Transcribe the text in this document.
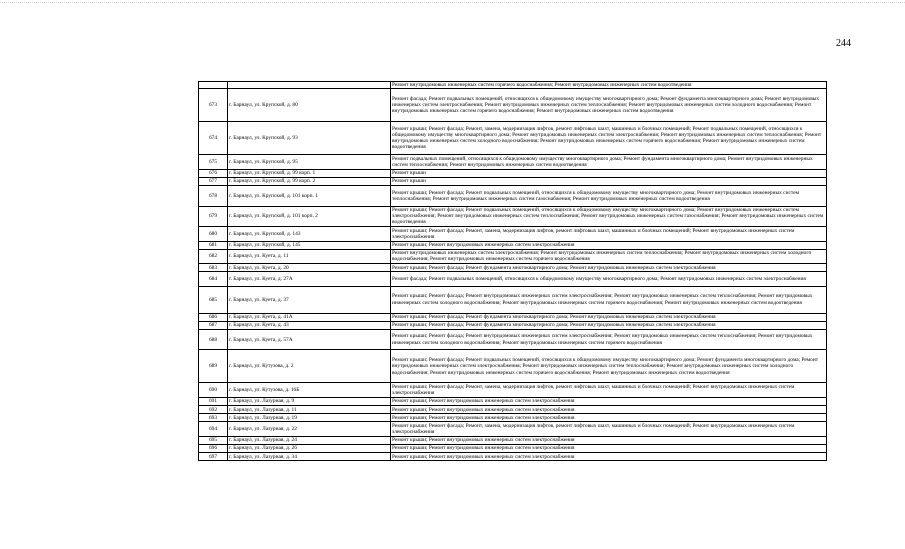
244
		Ремонт внутридомовых инженерных систем горячего водоснабжения; Ремонт внутридомовых инженерных систем водоотведения
673	г. Барнаул, ул. Крупской, д. 80	Ремонт фасада; Ремонт подвальных помещений, относящихся к общедомовому имуществу многоквартирного дома; Ремонт фундамента многоквартирного дома; Ремонт внутридомовых инженерных систем электроснабжения; Ремонт внутридомовых инженерных систем теплоснабжения; Ремонт внутридомовых инженерных систем холодного водоснабжения; Ремонт внутридомовых инженерных систем горячего водоснабжения; Ремонт внутридомовых инженерных систем водоотведения
674	г. Барнаул, ул. Крупской, д. 93	Ремонт крыши; Ремонт фасада; Ремонт, замена, модернизация лифтов, ремонт лифтовых шахт, машинных и блочных помещений; Ремонт подвальных помещений, относящихся к общедомовому имуществу многоквартирного дома; Ремонт внутридомовых инженерных систем электроснабжения; Ремонт внутридомовых инженерных систем теплоснабжения; Ремонт внутридомовых инженерных систем холодного водоснабжения; Ремонт внутридомовых инженерных систем горячего водоснабжения; Ремонт внутридомовых инженерных систем водоотведения
675	г. Барнаул, ул. Крупской, д. 95	Ремонт подвальных помещений, относящихся к общедомовому имуществу многоквартирного дома; Ремонт фундамента многоквартирного дома; Ремонт внутридомовых инженерных систем теплоснабжения; Ремонт внутридомовых инженерных систем водоотведения
676	г. Барнаул, ул. Крупской, д. 99 корп. 1	Ремонт крыши
677	г. Барнаул, ул. Крупской, д. 99 корп. 2	Ремонт крыши
678	г. Барнаул, ул. Крупской, д. 101 корп. 1	Ремонт крыши; Ремонт фасада; Ремонт подвальных помещений, относящихся к общедомовому имуществу многоквартирного дома; Ремонт внутридомовых инженерных систем теплоснабжения; Ремонт внутридомовых инженерных систем газоснабжения; Ремонт внутридомовых инженерных систем водоотведения
679	г. Барнаул, ул. Крупской, д. 101 корп. 2	Ремонт крыши; Ремонт фасада; Ремонт подвальных помещений, относящихся к общедомовому имуществу многоквартирного дома; Ремонт внутридомовых инженерных систем электроснабжения; Ремонт внутридомовых инженерных систем теплоснабжения; Ремонт внутридомовых инженерных систем газоснабжения; Ремонт внутридомовых инженерных систем водоотведения
680	г. Барнаул, ул. Крупской, д. 143	Ремонт крыши; Ремонт фасада; Ремонт, замена, модернизация лифтов, ремонт лифтовых шахт, машинных и блочных помещений; Ремонт внутридомовых инженерных систем электроснабжения
681	г. Барнаул, ул. Крупской, д. 145	Ремонт крыши; Ремонт внутридомовых инженерных систем электроснабжения
682	г. Барнаул, ул. Куета, д. 11	Ремонт внутридомовых инженерных систем электроснабжения; Ремонт внутридомовых инженерных систем теплоснабжения; Ремонт внутридомовых инженерных систем холодного водоснабжения; Ремонт внутридомовых инженерных систем горячего водоснабжения
683	г. Барнаул, ул. Куета, д. 20	Ремонт крыши; Ремонт фасада; Ремонт фундамента многоквартирного дома; Ремонт внутридомовых инженерных систем электроснабжения
684	г. Барнаул, ул. Куета, д. 27А	Ремонт фасада; Ремонт подвальных помещений, относящихся к общедомовому имуществу многоквартирного дома; Ремонт внутридомовых инженерных систем электроснабжения
685	г. Барнаул, ул. Куета, д. 37	Ремонт крыши; Ремонт фасада; Ремонт внутридомовых инженерных систем электроснабжения; Ремонт внутридомовых инженерных систем теплоснабжения; Ремонт внутридомовых инженерных систем холодного водоснабжения; Ремонт внутридомовых инженерных систем горячего водоснабжения; Ремонт внутридомовых инженерных систем водоотведения
686	г. Барнаул, ул. Куета, д. 41А	Ремонт крыши; Ремонт фасада; Ремонт фундамента многоквартирного дома; Ремонт внутридомовых инженерных систем электроснабжения
687	г. Барнаул, ул. Куета, д. 43	Ремонт крыши; Ремонт фасада; Ремонт фундамента многоквартирного дома; Ремонт внутридомовых инженерных систем электроснабжения
688	г. Барнаул, ул. Куета, д. 57А	Ремонт крыши; Ремонт фасада; Ремонт внутридомовых инженерных систем электроснабжения; Ремонт внутридомовых инженерных систем теплоснабжения; Ремонт внутридомовых инженерных систем холодного водоснабжения; Ремонт внутридомовых инженерных систем горячего водоснабжения
689	г. Барнаул, ул. Кутузова, д. 2	Ремонт крыши; Ремонт фасада; Ремонт подвальных помещений, относящихся к общедомовому имуществу многоквартирного дома; Ремонт фундамента многоквартирного дома; Ремонт внутридомовых инженерных систем электроснабжения; Ремонт внутридомовых инженерных систем теплоснабжения; Ремонт внутридомовых инженерных систем холодного водоснабжения; Ремонт внутридомовых инженерных систем горячего водоснабжения; Ремонт внутридомовых инженерных систем водоотведения
690	г. Барнаул, ул. Кутузова, д. 16Б	Ремонт крыши; Ремонт фасада; Ремонт, замена, модернизация лифтов, ремонт лифтовых шахт, машинных и блочных помещений; Ремонт внутридомовых инженерных систем электроснабжения
691	г. Барнаул, ул. Лазурная, д. 9	Ремонт крыши; Ремонт внутридомовых инженерных систем электроснабжения
692	г. Барнаул, ул. Лазурная, д. 11	Ремонт крыши; Ремонт внутридомовых инженерных систем электроснабжения
693	г. Барнаул, ул. Лазурная, д. 19	Ремонт крыши; Ремонт внутридомовых инженерных систем электроснабжения
694	г. Барнаул, ул. Лазурная, д. 22	Ремонт крыши; Ремонт фасада; Ремонт, замена, модернизация лифтов, ремонт лифтовых шахт, машинных и блочных помещений; Ремонт внутридомовых инженерных систем электроснабжения
695	г. Барнаул, ул. Лазурная, д. 24	Ремонт крыши; Ремонт внутридомовых инженерных систем электроснабжения
696	г. Барнаул, ул. Лазурная, д. 26	Ремонт крыши; Ремонт внутридомовых инженерных систем электроснабжения
697	г. Барнаул, ул. Лазурная, д. 34	Ремонт крыши; Ремонт внутридомовых инженерных систем электроснабжения
